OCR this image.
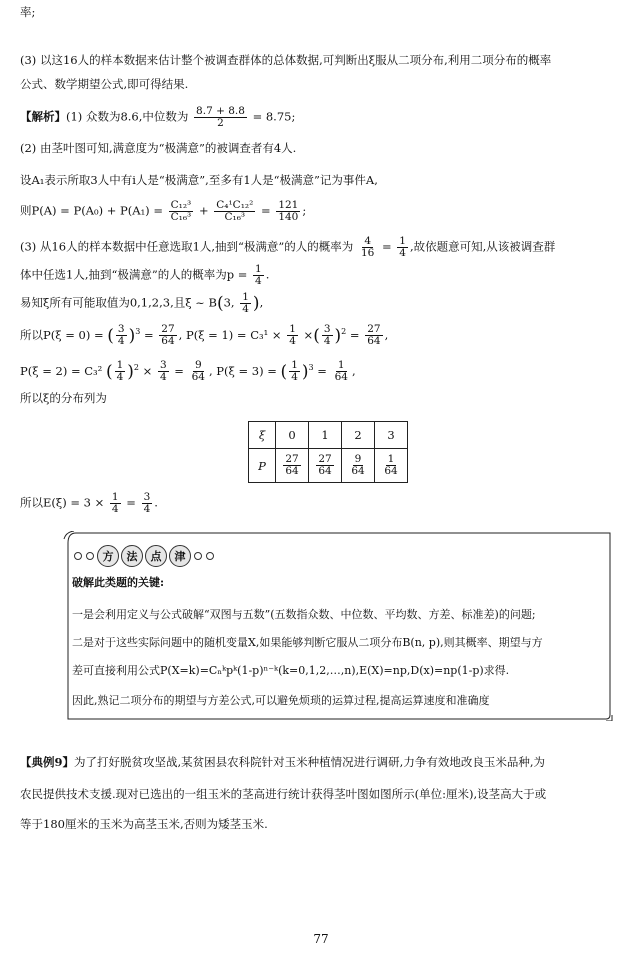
率;
(3) 以这16人的样本数据来估计整个被调查群体的总体数据,可判断出ξ服从二项分布,利用二项分布的概率
公式、数学期望公式,即可得结果.
【解析】(1) 众数为8.6,中位数为 $\frac{8.7 + 8.8}{2} = 8.75$;
(2) 由茎叶图可知,满意度为“极满意”的被调查者有4人.
设A₁表示所取3人中有i人是“极满意”,至多有1人是“极满意”记为事件A,
则$P(A) = P(A_0) + P(A_1) = \frac{\text{C₁₂³}}{\text{C₁₆³}} + \frac{\text{C₄¹C₁₂²}}{\text{C₁₆³}} = \frac{121}{140}$ ;
(3) 从16人的样本数据中任意选取1人,抽到“极满意”的人的概率为 $\frac{4}{16} = \frac{1}{4}$ ,故依题意可知,从该被调查群
体中任选1人,抽到“极满意”的人的概率为$p = \frac{1}{4}$ .
易知ξ所有可能取值为0,1,2,3,且ξ ~ B(3, $\frac{1}{4}$ ),
所以P(ξ = 0) = ( $\frac{3}{4} )^3 = \frac{27}{64}$ , $P(\xi = 1) = C_3^1 \times \frac{1}{4}$ ×( $\frac{3}{4} )^2 = \frac{27}{64}$ ,
P(ξ = 2) = C₃² ( $\frac{1}{4} )^2 \times \frac{3}{4} = \frac{9}{64}$ , P(ξ = 3) = ( $\frac{1}{4} )^3 = \frac{1}{64}$ ,
所以ξ的分布列为
ξ	0	1	2	3
P	$\frac{27}{64}$	$\frac{27}{64}$	$\frac{9}{64}$	$\frac{1}{64}$
所以$E(\xi) = 3 \times \frac{1}{4} = \frac{3}{4}$ .
方	法	点	津
破解此类题的关键:
一是会利用定义与公式破解“双图与五数”(五数指众数、中位数、平均数、方差、标准差)的问题;
二是对于这些实际问题中的随机变量X,如果能够判断它服从二项分布B(n, p),则其概率、期望与方
差可直接利用公式P(X=k)=Cₙᵏpᵏ(1-p)ⁿ⁻ᵏ(k=0,1,2,…,n),E(X)=np,D(x)=np(1-p)求得.
因此,熟记二项分布的期望与方差公式,可以避免烦琐的运算过程,提高运算速度和准确度
【典例9】为了打好脱贫攻坚战,某贫困县农科院针对玉米种植情况进行调研,力争有效地改良玉米品种,为
农民提供技术支援.现对已选出的一组玉米的茎高进行统计获得茎叶图如图所示(单位:厘米),设茎高大于或
等于180厘米的玉米为高茎玉米,否则为矮茎玉米.
77
